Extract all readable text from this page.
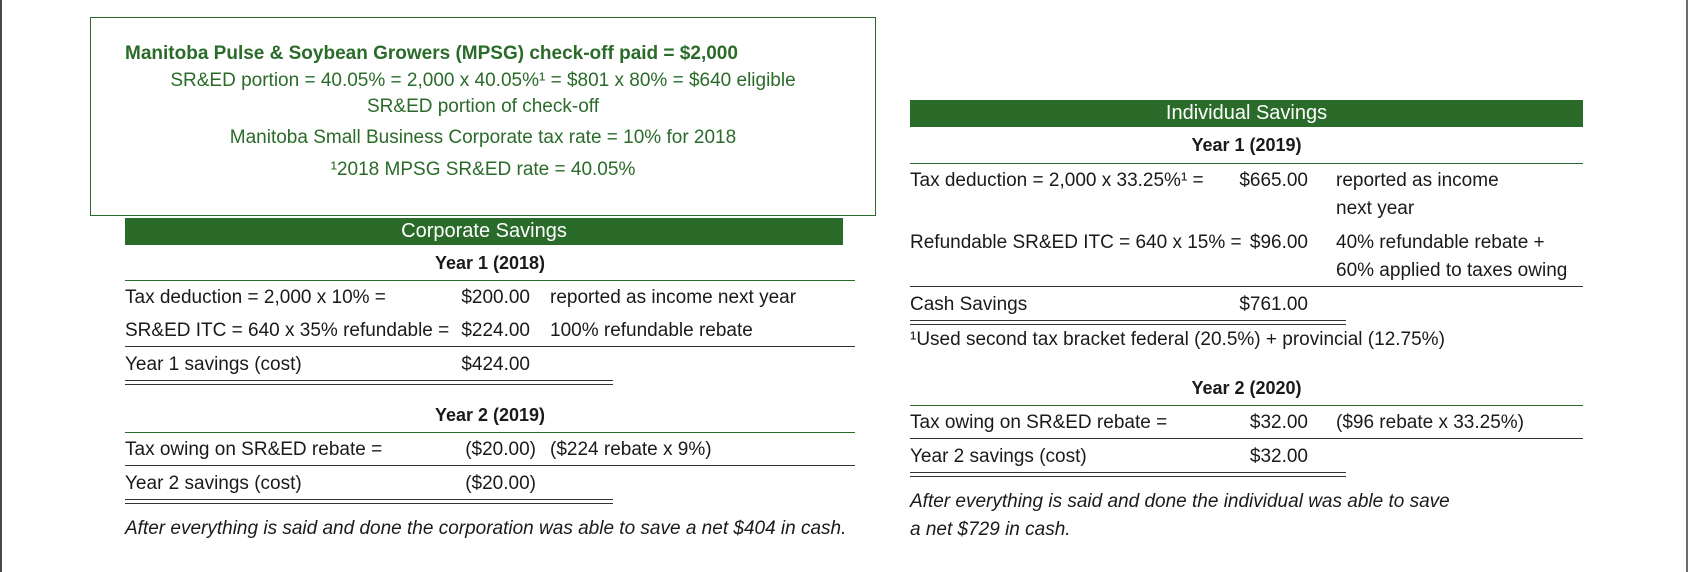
Manitoba Pulse & Soybean Growers (MPSG) check-off paid = $2,000
SR&ED portion = 40.05% = 2,000 x 40.05%¹ = $801 x 80% = $640 eligible
SR&ED portion of check-off
Manitoba Small Business Corporate tax rate = 10% for 2018
¹2018 MPSG SR&ED rate = 40.05%
Corporate Savings
Year 1 (2018)
Tax deduction = 2,000 x 10% =	$200.00 reported as income next year
SR&ED ITC = 640 x 35% refundable = $224.00 100% refundable rebate
Year 1 savings (cost)	$424.00
Year 2 (2019)
Tax owing on SR&ED rebate =	($20.00) ($224 rebate x 9%)
Year 2 savings (cost)	($20.00)
After everything is said and done the corporation was able to save a net $404 in cash.
Individual Savings
Year 1 (2019)
Tax deduction = 2,000 x 33.25%¹ =	$665.00 reported as income
next year
Refundable SR&ED ITC = 640 x 15% = $96.00 40% refundable rebate +
60% applied to taxes owing
Cash Savings	$761.00
¹Used second tax bracket federal (20.5%) + provincial (12.75%)
Year 2 (2020)
Tax owing on SR&ED rebate =	$32.00 ($96 rebate x 33.25%)
Year 2 savings (cost)	$32.00
After everything is said and done the individual was able to save
a net $729 in cash.
